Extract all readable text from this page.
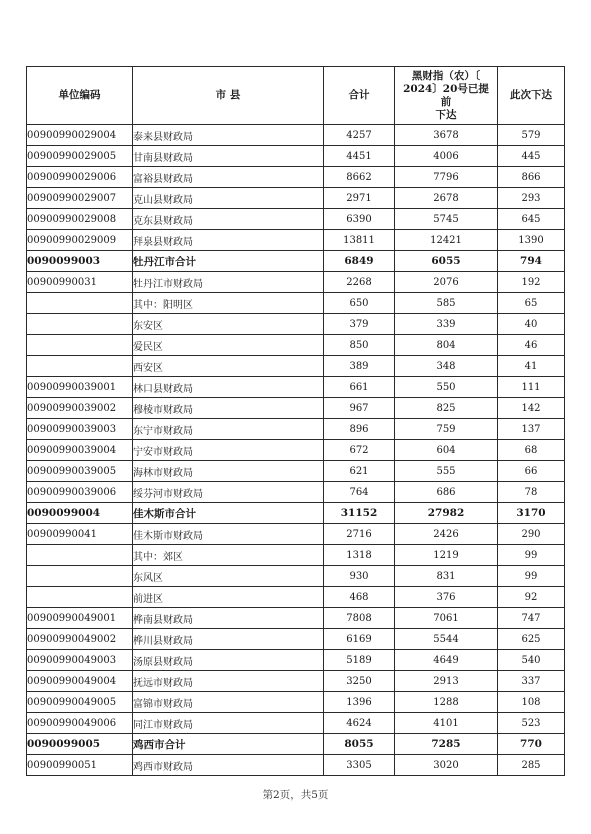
单位编码	市 县	合计	黑财指（农）〔
2024〕20号已提前
下达	此次下达
00900990029004	泰来县财政局	4257	3678	579
00900990029005	甘南县财政局	4451	4006	445
00900990029006	富裕县财政局	8662	7796	866
00900990029007	克山县财政局	2971	2678	293
00900990029008	克东县财政局	6390	5745	645
00900990029009	拜泉县财政局	13811	12421	1390
0090099003	牡丹江市合计	6849	6055	794
00900990031	牡丹江市财政局	2268	2076	192
	其中：阳明区	650	585	65
	东安区	379	339	40
	爱民区	850	804	46
	西安区	389	348	41
00900990039001	林口县财政局	661	550	111
00900990039002	穆棱市财政局	967	825	142
00900990039003	东宁市财政局	896	759	137
00900990039004	宁安市财政局	672	604	68
00900990039005	海林市财政局	621	555	66
00900990039006	绥芬河市财政局	764	686	78
0090099004	佳木斯市合计	31152	27982	3170
00900990041	佳木斯市财政局	2716	2426	290
	其中：郊区	1318	1219	99
	东风区	930	831	99
	前进区	468	376	92
00900990049001	桦南县财政局	7808	7061	747
00900990049002	桦川县财政局	6169	5544	625
00900990049003	汤原县财政局	5189	4649	540
00900990049004	抚远市财政局	3250	2913	337
00900990049005	富锦市财政局	1396	1288	108
00900990049006	同江市财政局	4624	4101	523
0090099005	鸡西市合计	8055	7285	770
00900990051	鸡西市财政局	3305	3020	285
第2页，共5页
